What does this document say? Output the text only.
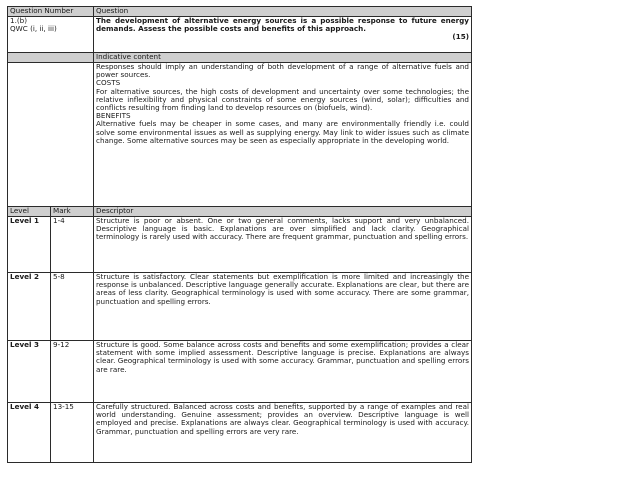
Question Number		Question

1.(b)
QWC (i, ii, iii)		The development of alternative energy sources is a possible response to future energy demands. Assess the possible costs and benefits of this approach.
(15)

		Indicative content

		Responses should imply an understanding of both development of a range of alternative fuels and power sources.
COSTS
For alternative sources, the high costs of development and uncertainty over some technologies; the relative inflexibility and physical constraints of some energy sources (wind, solar); difficulties and conflicts resulting from finding land to develop resources on (biofuels, wind).
BENEFITS
Alternative fuels may be cheaper in some cases, and many are environmentally friendly i.e. could solve some environmental issues as well as supplying energy. May link to wider issues such as climate change. Some alternative sources may be seen as especially appropriate in the developing world.

Level	Mark	Descriptor
Level 1	1-4	Structure is poor or absent. One or two general comments, lacks support and very unbalanced. Descriptive language is basic. Explanations are over simplified and lack clarity. Geographical terminology is rarely used with accuracy. There are frequent grammar, punctuation and spelling errors.
Level 2	5-8	Structure is satisfactory. Clear statements but exemplification is more limited and increasingly the response is unbalanced. Descriptive language generally accurate. Explanations are clear, but there are areas of less clarity. Geographical terminology is used with some accuracy. There are some grammar, punctuation and spelling errors.
Level 3	9-12	Structure is good. Some balance across costs and benefits and some exemplification; provides a clear statement with some implied assessment. Descriptive language is precise. Explanations are always clear. Geographical terminology is used with some accuracy. Grammar, punctuation and spelling errors are rare.
Level 4	13-15	Carefully structured. Balanced across costs and benefits, supported by a range of examples and real world understanding. Genuine assessment; provides an overview. Descriptive language is well employed and precise. Explanations are always clear. Geographical terminology is used with accuracy. Grammar, punctuation and spelling errors are very rare.
